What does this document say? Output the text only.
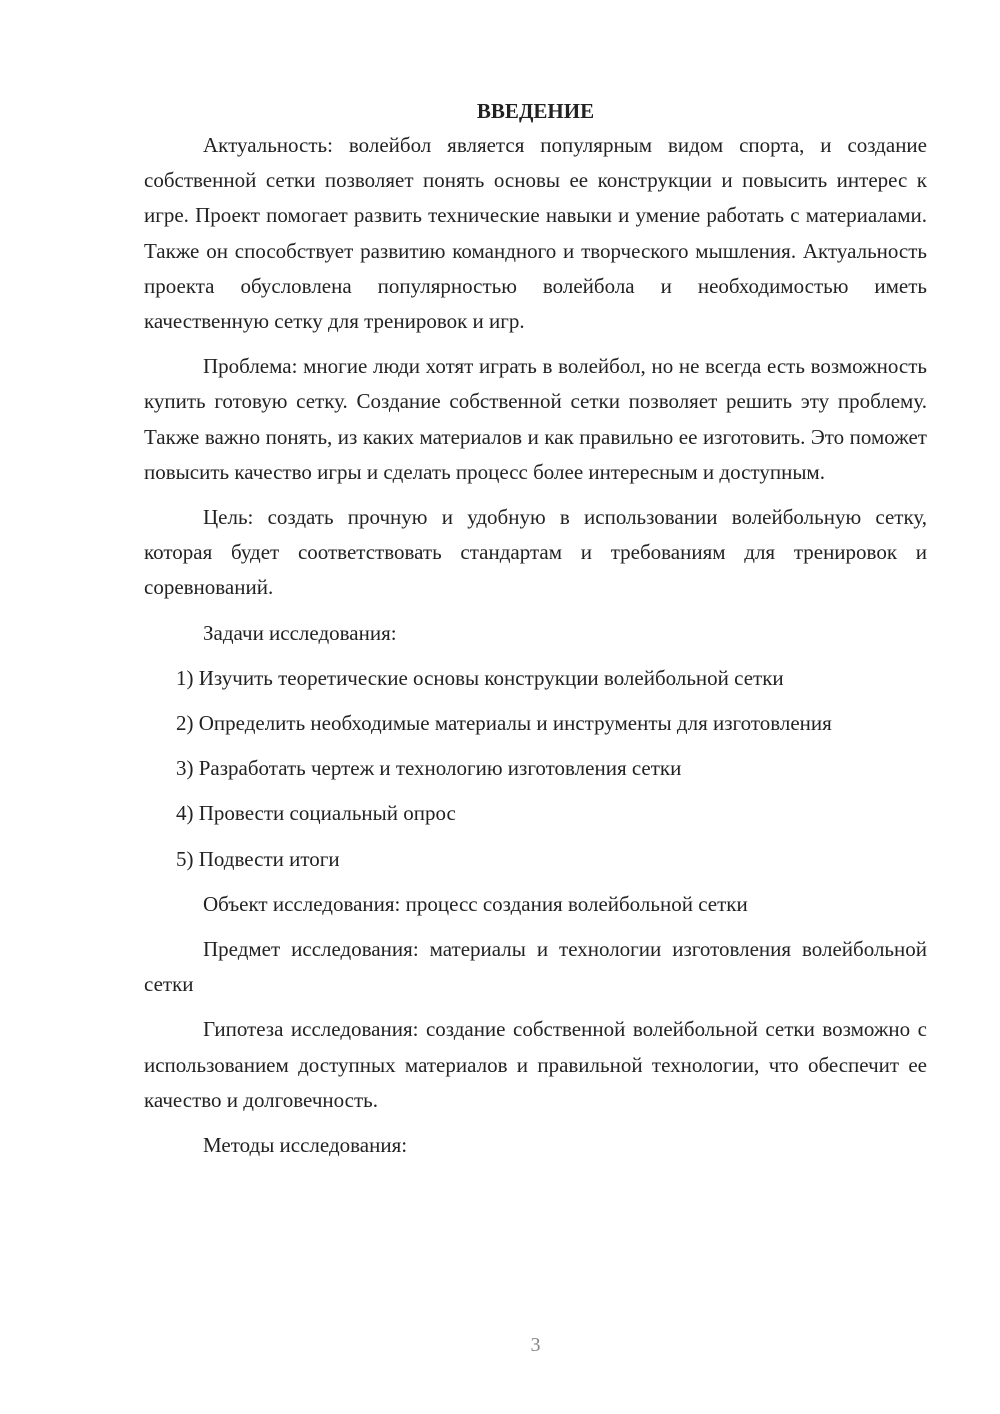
ВВЕДЕНИЕ

Актуальность: волейбол является популярным видом спорта, и создание собственной сетки позволяет понять основы ее конструкции и повысить интерес к игре. Проект помогает развить технические навыки и умение работать с материалами. Также он способствует развитию командного и творческого мышления. Актуальность проекта обусловлена популярностью волейбола и необходимостью иметь качественную сетку для тренировок и игр.

Проблема: многие люди хотят играть в волейбол, но не всегда есть возможность купить готовую сетку. Создание собственной сетки позволяет решить эту проблему. Также важно понять, из каких материалов и как правильно ее изготовить. Это поможет повысить качество игры и сделать процесс более интересным и доступным.

Цель: создать прочную и удобную в использовании волейбольную сетку, которая будет соответствовать стандартам и требованиям для тренировок и соревнований.

Задачи исследования:

1) Изучить теоретические основы конструкции волейбольной сетки

2) Определить необходимые материалы и инструменты для изготовления

3) Разработать чертеж и технологию изготовления сетки

4) Провести социальный опрос

5) Подвести итоги

Объект исследования: процесс создания волейбольной сетки

Предмет исследования: материалы и технологии изготовления волейбольной сетки

Гипотеза исследования: создание собственной волейбольной сетки возможно с использованием доступных материалов и правильной технологии, что обеспечит ее качество и долговечность.

Методы исследования:

3
